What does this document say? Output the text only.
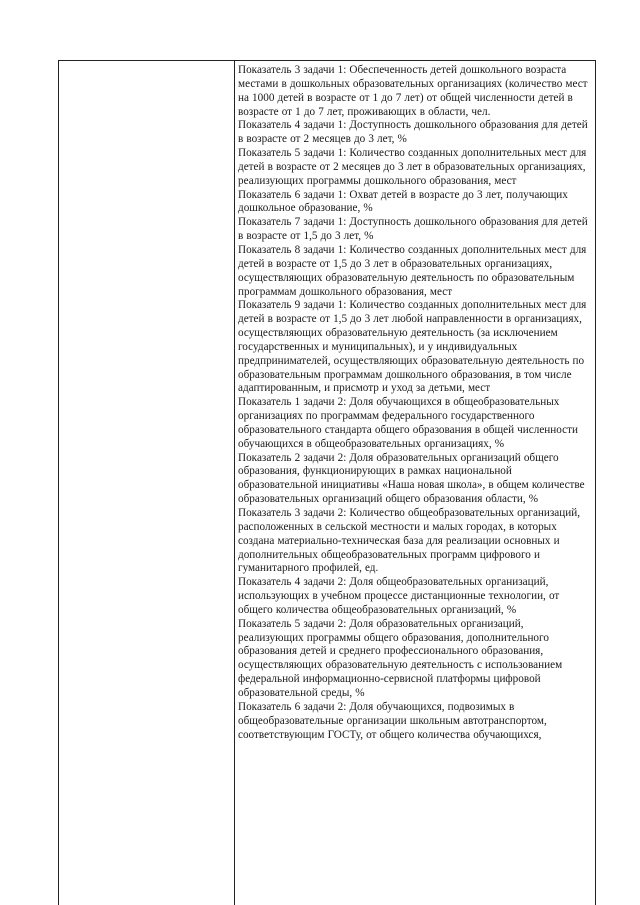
Показатель 3 задачи 1: Обеспеченность детей дошкольного возраста местами в дошкольных образовательных организациях (количество мест на 1000 детей в возрасте от 1 до 7 лет) от общей численности детей в возрасте от 1 до 7 лет, проживающих в области, чел.

Показатель 4 задачи 1: Доступность дошкольного образования для детей в возрасте от 2 месяцев до 3 лет, %

Показатель 5 задачи 1: Количество созданных дополнительных мест для детей в возрасте от 2 месяцев до 3 лет в образовательных организациях, реализующих программы дошкольного образования, мест

Показатель 6 задачи 1: Охват детей в возрасте до 3 лет, получающих дошкольное образование, %

Показатель 7 задачи 1: Доступность дошкольного образования для детей в возрасте от 1,5 до 3 лет, %

Показатель 8 задачи 1: Количество созданных дополнительных мест для детей в возрасте от 1,5 до 3 лет в образовательных организациях, осуществляющих образовательную деятельность по образовательным программам дошкольного образования, мест

Показатель 9 задачи 1: Количество созданных дополнительных мест для детей в возрасте от 1,5 до 3 лет любой направленности в организациях, осуществляющих образовательную деятельность (за исключением государственных и муниципальных), и у индивидуальных предпринимателей, осуществляющих образовательную деятельность по образовательным программам дошкольного образования, в том числе адаптированным, и присмотр и уход за детьми, мест

Показатель 1 задачи 2: Доля обучающихся в общеобразовательных организациях по программам федерального государственного образовательного стандарта общего образования в общей численности обучающихся в общеобразовательных организациях, %

Показатель 2 задачи 2: Доля образовательных организаций общего образования, функционирующих в рамках национальной образовательной инициативы «Наша новая школа», в общем количестве образовательных организаций общего образования области, %

Показатель 3 задачи 2: Количество общеобразовательных организаций, расположенных в сельской местности и малых городах, в которых создана материально-техническая база для реализации основных и дополнительных общеобразовательных программ цифрового и гуманитарного профилей, ед.

Показатель 4 задачи 2: Доля общеобразовательных организаций, использующих в учебном процессе дистанционные технологии, от общего количества общеобразовательных организаций, %

Показатель 5 задачи 2: Доля образовательных организаций, реализующих программы общего образования, дополнительного образования детей и среднего профессионального образования, осуществляющих образовательную деятельность с использованием федеральной информационно-сервисной платформы цифровой образовательной среды, %

Показатель 6 задачи 2: Доля обучающихся, подвозимых в общеобразовательные организации школьным автотранспортом, соответствующим ГОСТу, от общего количества обучающихся,
